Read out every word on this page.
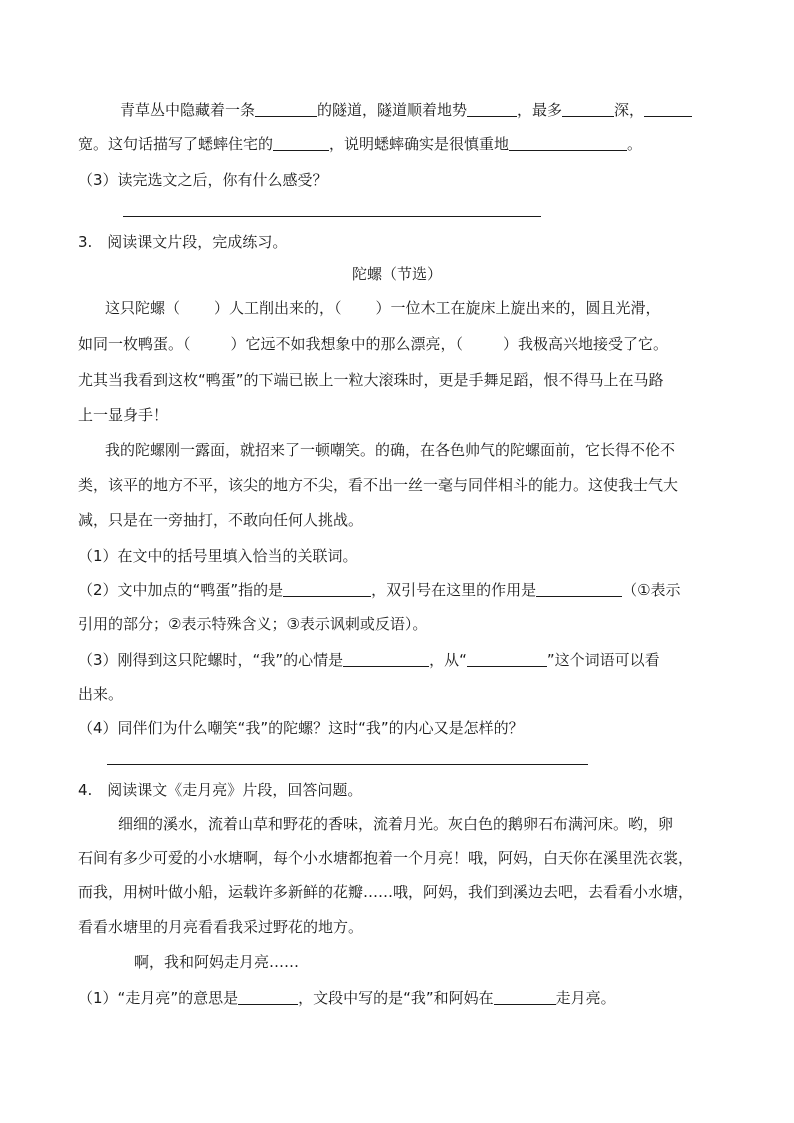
青草丛中隐藏着一条	的隧道，隧道顺着地势	，最多	深，
宽。这句话描写了蟋蟀住宅的	，说明蟋蟀确实是很慎重地	。
（3）读完选文之后，你有什么感受？
3.　阅读课文片段，完成练习。
陀螺（节选）
这只陀螺（ ）人工削出来的，（ ）一位木工在旋床上旋出来的，圆且光滑，
如同一枚鸭蛋。（	）它远不如我想象中的那么漂亮，（	）我极高兴地接受了它。
尤其当我看到这枚“鸭蛋”的下端已嵌上一粒大滚珠时，更是手舞足蹈，恨不得马上在马路
上一显身手！
我的陀螺刚一露面，就招来了一顿嘲笑。的确，在各色帅气的陀螺面前，它长得不伦不
类，该平的地方不平，该尖的地方不尖，看不出一丝一毫与同伴相斗的能力。这使我士气大
减，只是在一旁抽打，不敢向任何人挑战。
（1）在文中的括号里填入恰当的关联词。
（2）文中加点的“鸭蛋”指的是	，双引号在这里的作用是	（①表示
引用的部分；②表示特殊含义；③表示讽刺或反语）。
（3）刚得到这只陀螺时，“我”的心情是	，从“	”这个词语可以看
出来。
（4）同伴们为什么嘲笑“我”的陀螺？这时“我”的内心又是怎样的？
4.　阅读课文《走月亮》片段，回答问题。
细细的溪水，流着山草和野花的香味，流着月光。灰白色的鹅卵石布满河床。哟，卵
石间有多少可爱的小水塘啊，每个小水塘都抱着一个月亮！哦，阿妈，白天你在溪里洗衣裳，
而我，用树叶做小船，运载许多新鲜的花瓣……哦，阿妈，我们到溪边去吧，去看看小水塘，
看看水塘里的月亮看看我采过野花的地方。
啊，我和阿妈走月亮……
（1）“走月亮”的意思是	，文段中写的是“我”和阿妈在	走月亮。
